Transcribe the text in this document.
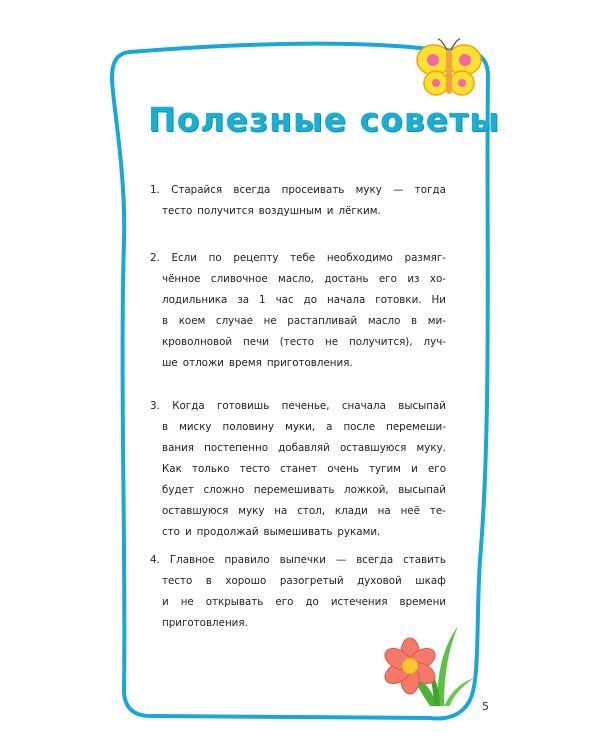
Полезные советы
1. Старайся всегда просеивать муку — тогда
тесто получится воздушным и лёгким.
2. Если по рецепту тебе необходимо размяг-
чённое сливочное масло, достань его из хо-
лодильника за 1 час до начала готовки. Ни
в коем случае не растапливай масло в ми-
кроволновой печи (тесто не получится), луч-
ше отложи время приготовления.
3. Когда готовишь печенье, сначала высыпай
в миску половину муки, а после перемеши-
вания постепенно добавляй оставшуюся муку.
Как только тесто станет очень тугим и его
будет сложно перемешивать ложкой, высыпай
оставшуюся муку на стол, клади на неё те-
сто и продолжай вымешивать руками.
4. Главное правило выпечки — всегда ставить
тесто в хорошо разогретый духовой шкаф
и не открывать его до истечения времени
приготовления.
5
